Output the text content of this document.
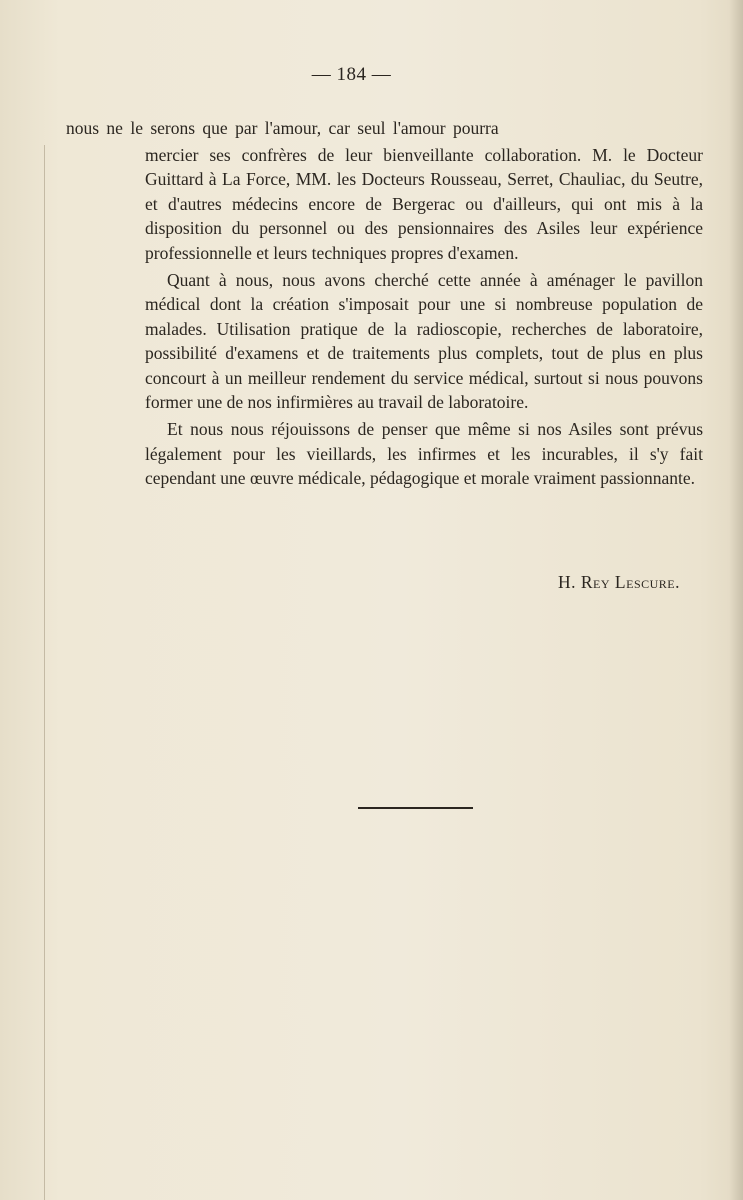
— 184 —
nous ne le serons que par l'amour, car seul l'amour pourra

mercier ses confrères de leur bienveillante collaboration. M. le Docteur Guittard à La Force, MM. les Docteurs Rousseau, Serret, Chauliac, du Seutre, et d'autres médecins encore de Bergerac ou d'ailleurs, qui ont mis à la disposition du personnel ou des pensionnaires des Asiles leur expérience professionnelle et leurs techniques propres d'examen.

Quant à nous, nous avons cherché cette année à aménager le pavillon médical dont la création s'imposait pour une si nombreuse population de malades. Utilisation pratique de la radioscopie, recherches de laboratoire, possibilité d'examens et de traitements plus complets, tout de plus en plus concourt à un meilleur rendement du service médical, surtout si nous pouvons former une de nos infirmières au travail de laboratoire.

Et nous nous réjouissons de penser que même si nos Asiles sont prévus légalement pour les vieillards, les infirmes et les incurables, il s'y fait cependant une œuvre médicale, pédagogique et morale vraiment passionnante.

H. Rey Lescure.
